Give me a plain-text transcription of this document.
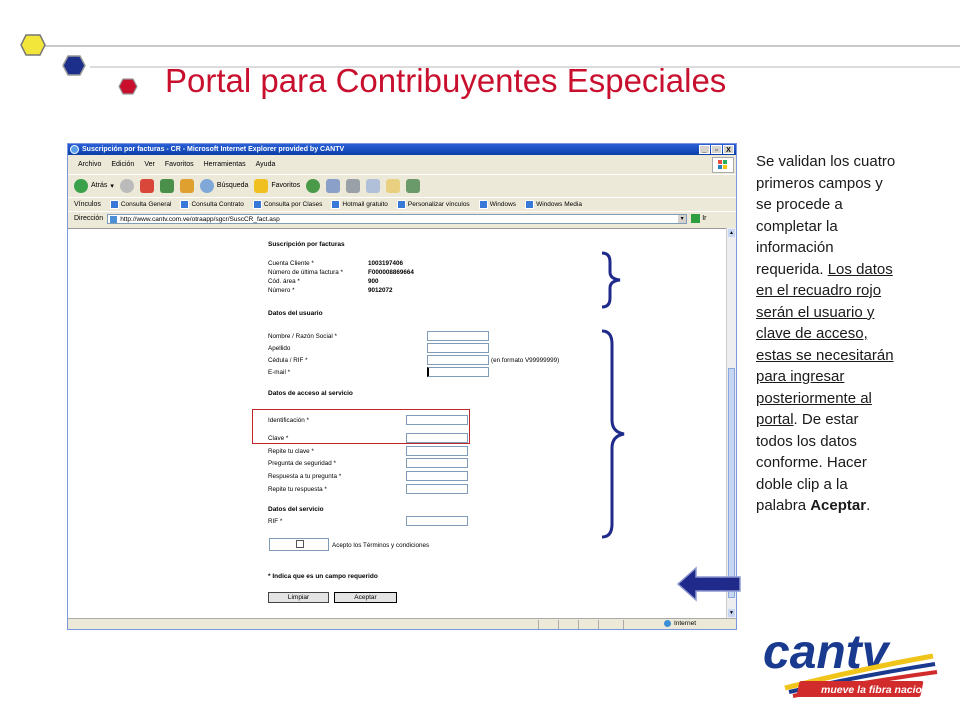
Portal para Contribuyentes Especiales
Suscripción por facturas - CR - Microsoft Internet Explorer provided by CANTV	_	▫	X
Archivo Edición Ver Favoritos Herramientas Ayuda
Atrás ▾	Búsqueda	Favoritos
Vínculos	Consulta General	Consulta Contrato	Consulta por Clases	Hotmail gratuito	Personalizar vínculos	Windows	Windows Media
Dirección	http://www.cantv.com.ve/otraapp/sgcr/SuscCR_fact.asp	▾	Ir
Suscripción por facturas
Cuenta Cliente *	1003197406
Número de última factura *	F000008869664
Cód. área *	900
Número *	9012072
Datos del usuario
Nombre / Razón Social *
Apellido
Cédula / RIF *	(en formato V99999999)
E-mail *
Datos de acceso al servicio
Identificación *
Clave *
Repite tu clave *
Pregunta de seguridad *
Respuesta a tu pregunta *
Repite tu respuesta *
Datos del servicio
RIF *
Acepto los Términos y condiciones
* Indica que es un campo requerido
Limpiar	Aceptar
▲
▼
Internet
Se validan los cuatro primeros campos y se procede a completar la información requerida. Los datos en el recuadro rojo serán el usuario y clave de acceso, estas se necesitarán para ingresar posteriormente al portal. De estar todos los datos conforme. Hacer doble clip a la palabra Aceptar.
cantv
mueve la fibra nacional
